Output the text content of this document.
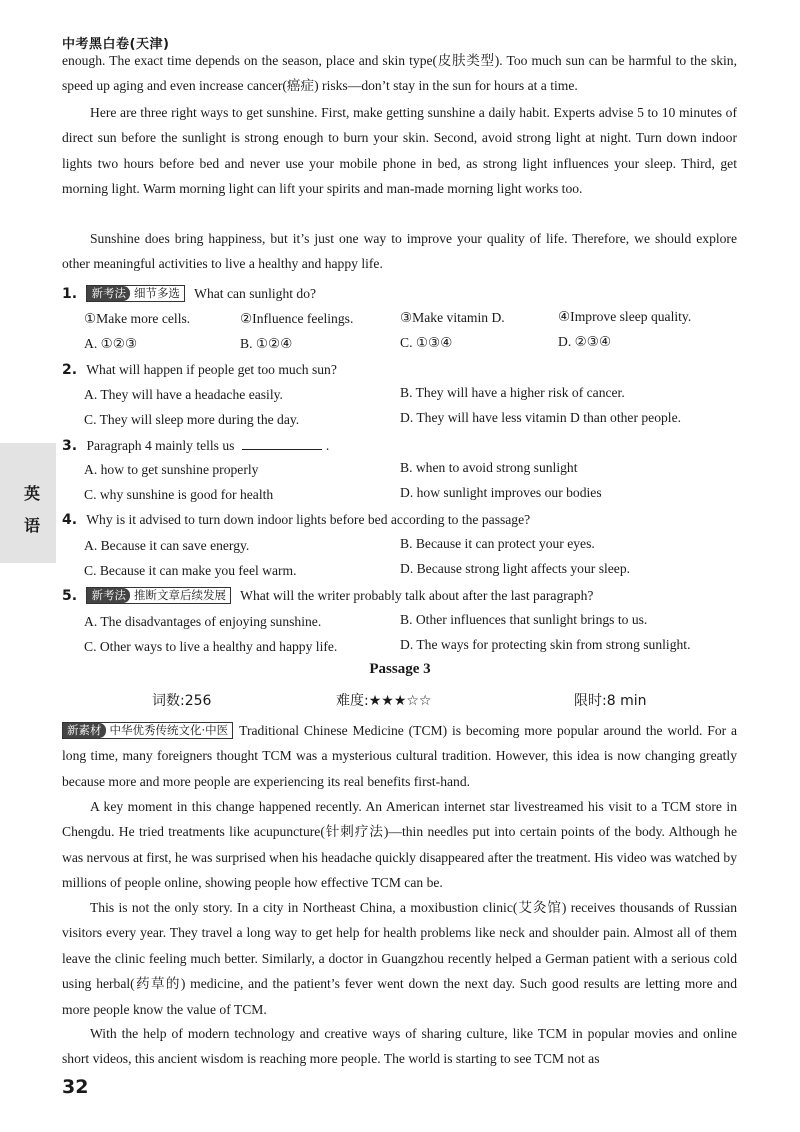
中考黑白卷(天津)

enough. The exact time depends on the season, place and skin type(皮肤类型). Too much sun can be harmful to the skin, speed up aging and even increase cancer(癌症) risks—don’t stay in the sun for hours at a time.

Here are three right ways to get sunshine. First, make getting sunshine a daily habit. Experts advise 5 to 10 minutes of direct sun before the sunlight is strong enough to burn your skin. Second, avoid strong light at night. Turn down indoor lights two hours before bed and never use your mobile phone in bed, as strong light influences your sleep. Third, get morning light. Warm morning light can lift your spirits and man-made morning light works too.

Sunshine does bring happiness, but it’s just one way to improve your quality of life. Therefore, we should explore other meaningful activities to live a healthy and happy life.

1. 新考法 细节多选 What can sunlight do?
①Make more cells.	②Influence feelings.	③Make vitamin D.	④Improve sleep quality.
A. ①②③	B. ①②④	C. ①③④	D. ②③④
2. What will happen if people get too much sun?
A. They will have a headache easily.	B. They will have a higher risk of cancer.
C. They will sleep more during the day.	D. They will have less vitamin D than other people.
3. Paragraph 4 mainly tells us	.
A. how to get sunshine properly	B. when to avoid strong sunlight
C. why sunshine is good for health	D. how sunlight improves our bodies
4. Why is it advised to turn down indoor lights before bed according to the passage?
A. Because it can save energy.	B. Because it can protect your eyes.
C. Because it can make you feel warm.	D. Because strong light affects your sleep.
5. 新考法 推断文章后续发展 What will the writer probably talk about after the last paragraph?
A. The disadvantages of enjoying sunshine.	B. Other influences that sunlight brings to us.
C. Other ways to live a healthy and happy life.	D. The ways for protecting skin from strong sunlight.
英
语
Passage 3
词数:256	难度:★★★☆☆	限时:8 min

新素材 中华优秀传统文化·中医 Traditional Chinese Medicine (TCM) is becoming more popular around the world. For a long time, many foreigners thought TCM was a mysterious cultural tradition. However, this idea is now changing greatly because more and more people are experiencing its real benefits first-hand.

A key moment in this change happened recently. An American internet star livestreamed his visit to a TCM store in Chengdu. He tried treatments like acupuncture(针刺疗法)—thin needles put into certain points of the body. Although he was nervous at first, he was surprised when his headache quickly disappeared after the treatment. His video was watched by millions of people online, showing people how effective TCM can be.

This is not the only story. In a city in Northeast China, a moxibustion clinic(艾灸馆) receives thousands of Russian visitors every year. They travel a long way to get help for health problems like neck and shoulder pain. Almost all of them leave the clinic feeling much better. Similarly, a doctor in Guangzhou recently helped a German patient with a serious cold using herbal(药草的) medicine, and the patient’s fever went down the next day. Such good results are letting more and more people know the value of TCM.

With the help of modern technology and creative ways of sharing culture, like TCM in popular movies and online short videos, this ancient wisdom is reaching more people. The world is starting to see TCM not as

32
